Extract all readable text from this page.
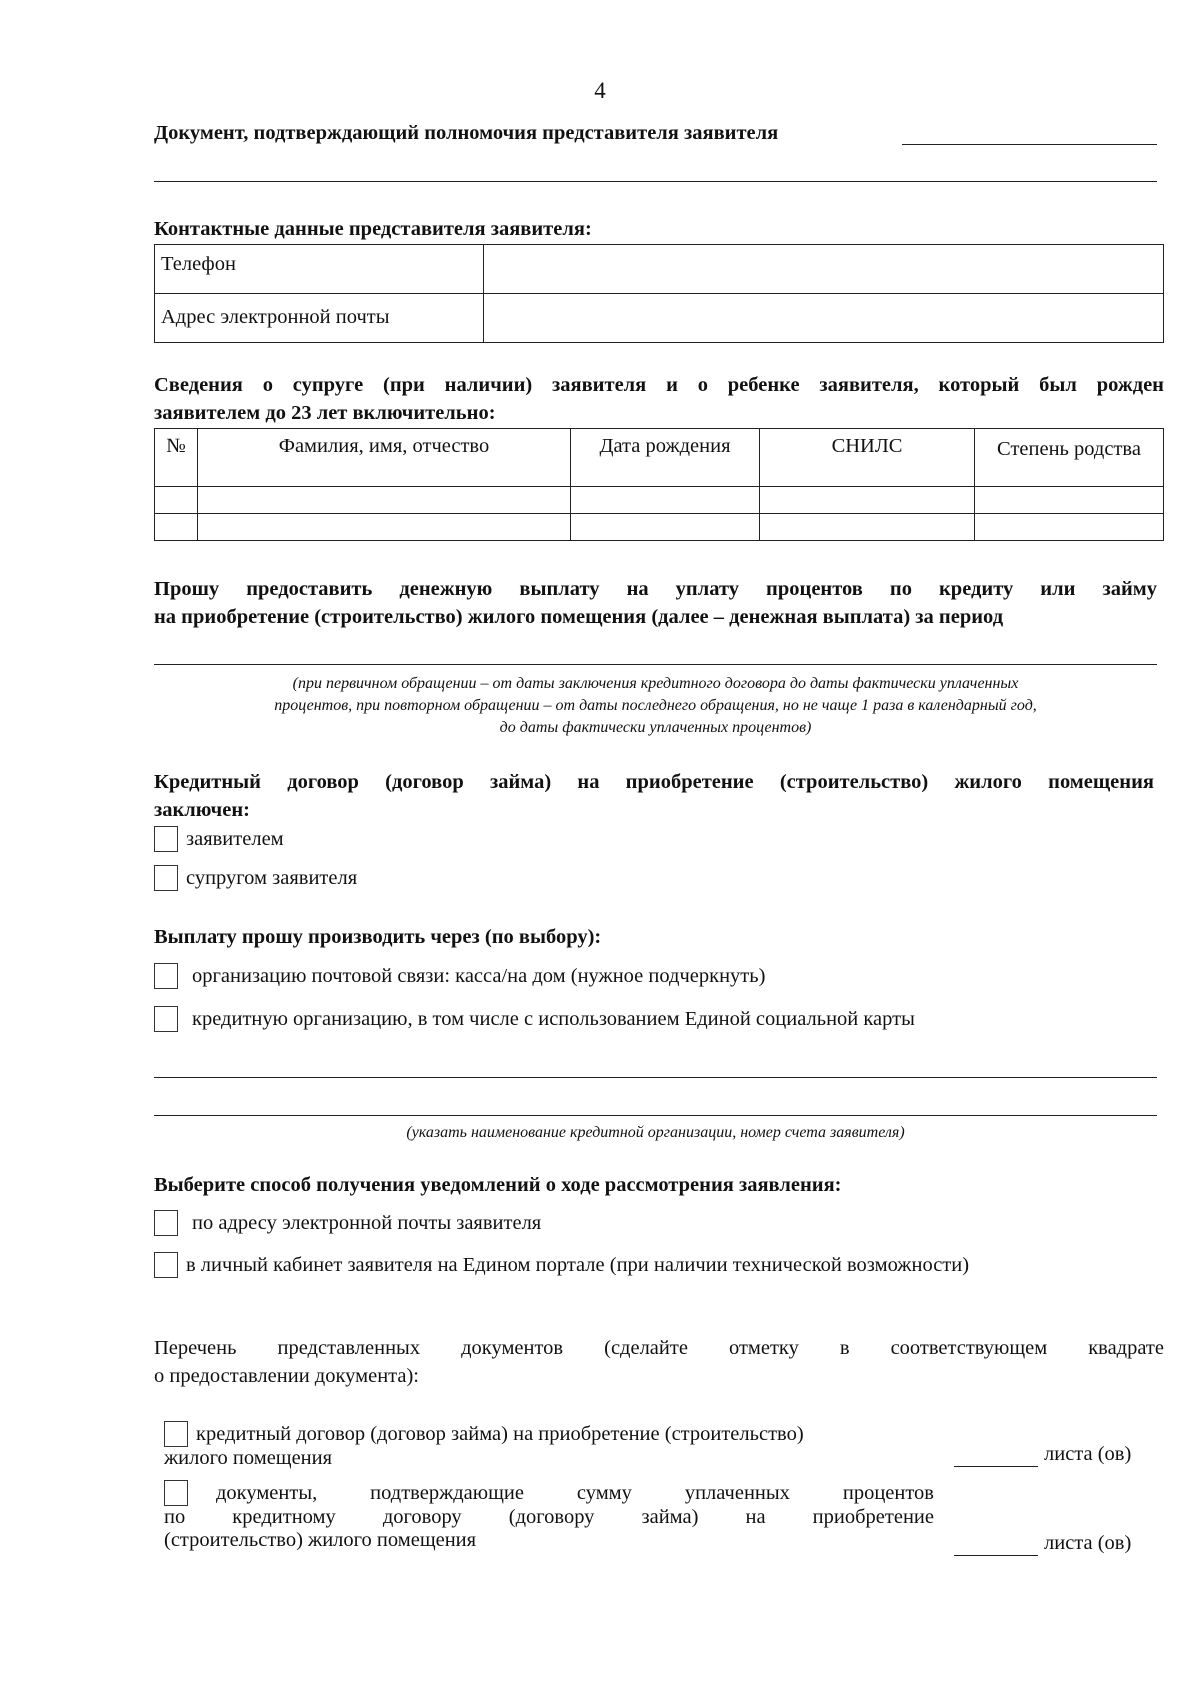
4
Документ, подтверждающий полномочия представителя заявителя
Контактные данные представителя заявителя:
Телефон	
Адрес электронной почты	
Сведения о супруге (при наличии) заявителя и о ребенке заявителя, который был рожден
заявителем до 23 лет включительно:
№	Фамилия, имя, отчество	Дата рождения	СНИЛС	Степень родства

Прошу предоставить денежную выплату на уплату процентов по кредиту или займу
на приобретение (строительство) жилого помещения (далее – денежная выплата) за период
(при первичном обращении – от даты заключения кредитного договора до даты фактически уплаченных
процентов, при повторном обращении – от даты последнего обращения, но не чаще 1 раза в календарный год,
до даты фактически уплаченных процентов)
Кредитный договор (договор займа) на приобретение (строительство) жилого помещения
заключен:
заявителем
супругом заявителя
Выплату прошу производить через (по выбору):
организацию почтовой связи: касса/на дом (нужное подчеркнуть)
кредитную организацию, в том числе с использованием Единой социальной карты
(указать наименование кредитной организации, номер счета заявителя)
Выберите способ получения уведомлений о ходе рассмотрения заявления:
по адресу электронной почты заявителя
в личный кабинет заявителя на Едином портале (при наличии технической возможности)
Перечень представленных документов (сделайте отметку в соответствующем квадрате
о предоставлении документа):
кредитный договор (договор займа) на приобретение (строительство)
жилого помещения	листа (ов)
документы, подтверждающие сумму уплаченных процентов
по кредитному договору (договору займа) на приобретение
(строительство) жилого помещения	листа (ов)
